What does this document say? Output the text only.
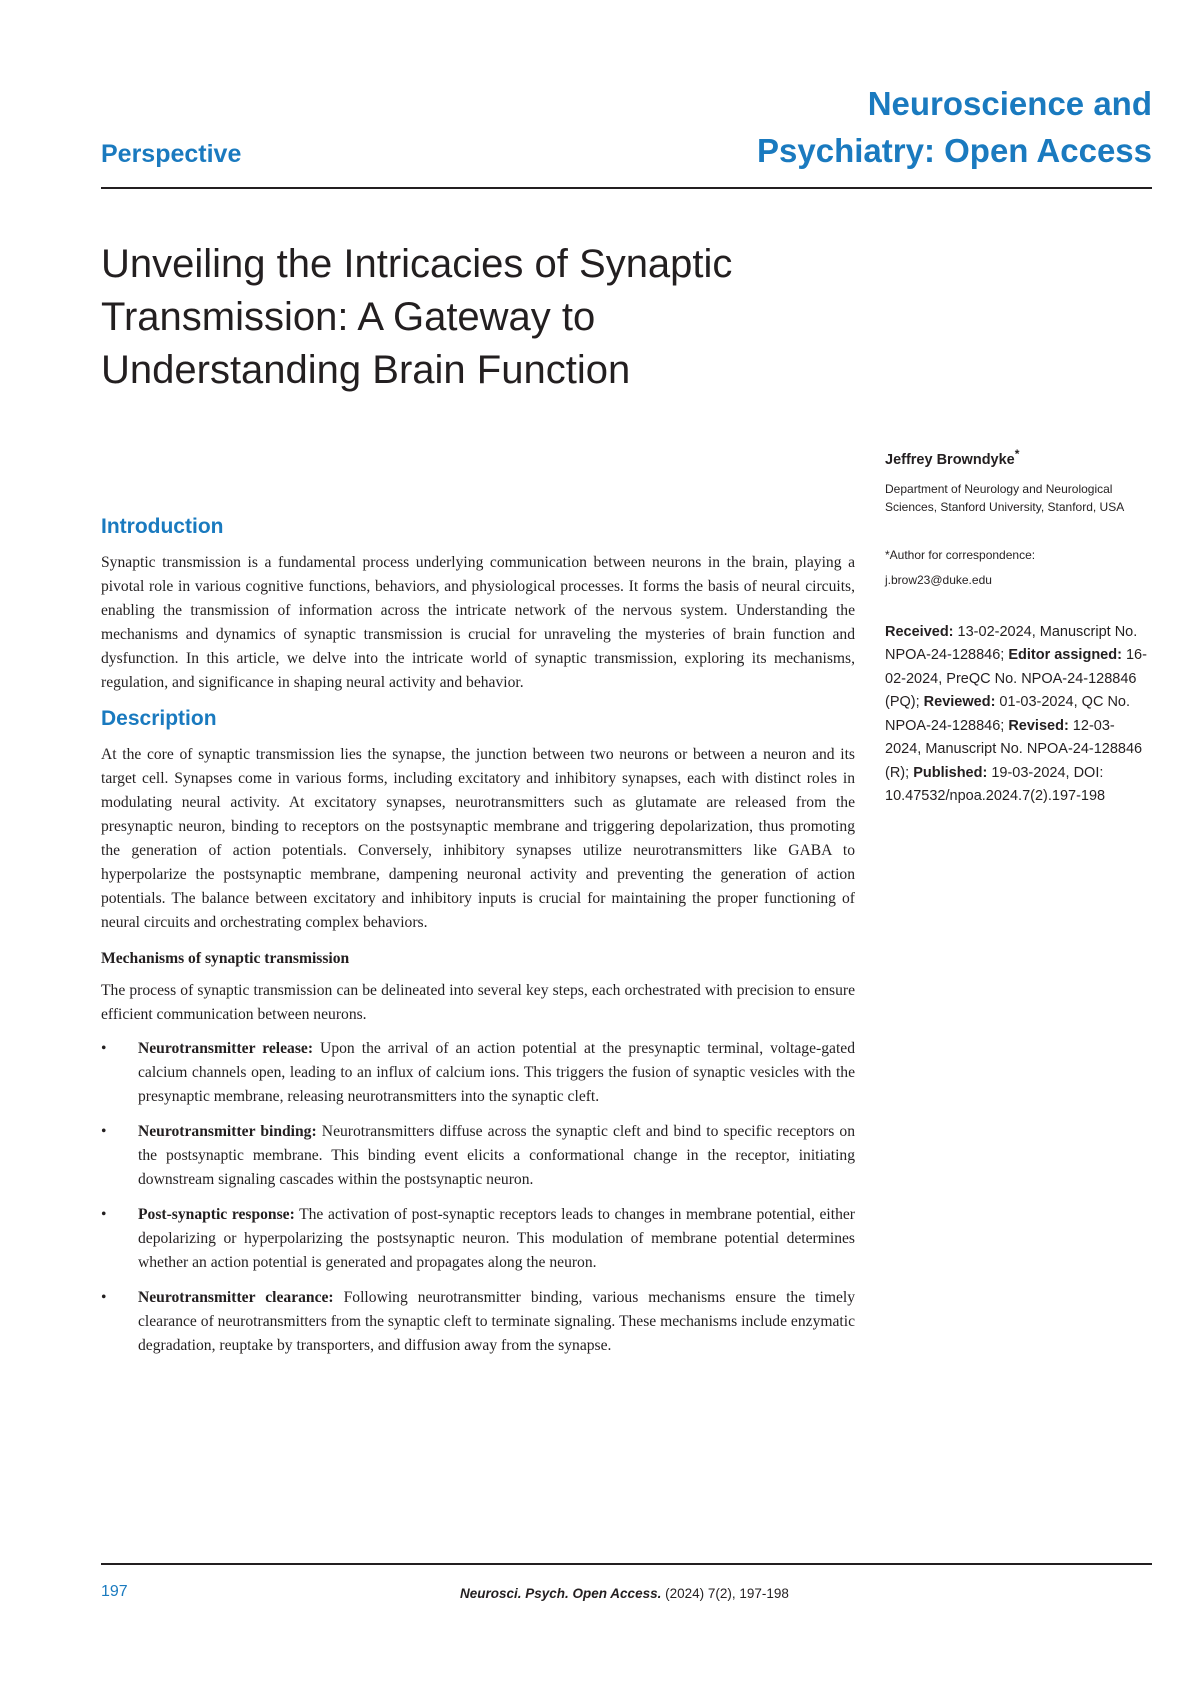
Perspective
Neuroscience and
Psychiatry: Open Access
Unveiling the Intricacies of Synaptic Transmission: A Gateway to Understanding Brain Function

Jeffrey Browndyke*

Department of Neurology and Neurological Sciences, Stanford University, Stanford, USA

*Author for correspondence:

j.brow23@duke.edu

Received: 13-02-2024, Manuscript No. NPOA-24-128846; Editor assigned: 16-02-2024, PreQC No. NPOA-24-128846 (PQ); Reviewed: 01-03-2024, QC No. NPOA-24-128846; Revised: 12-03-2024, Manuscript No. NPOA-24-128846 (R); Published: 19-03-2024, DOI: 10.47532/npoa.2024.7(2).197-198

Introduction

Synaptic transmission is a fundamental process underlying communication between neurons in the brain, playing a pivotal role in various cognitive functions, behaviors, and physiological processes. It forms the basis of neural circuits, enabling the transmission of information across the intricate network of the nervous system. Understanding the mechanisms and dynamics of synaptic transmission is crucial for unraveling the mysteries of brain function and dysfunction. In this article, we delve into the intricate world of synaptic transmission, exploring its mechanisms, regulation, and significance in shaping neural activity and behavior.

Description

At the core of synaptic transmission lies the synapse, the junction between two neurons or between a neuron and its target cell. Synapses come in various forms, including excitatory and inhibitory synapses, each with distinct roles in modulating neural activity. At excitatory synapses, neurotransmitters such as glutamate are released from the presynaptic neuron, binding to receptors on the postsynaptic membrane and triggering depolarization, thus promoting the generation of action potentials. Conversely, inhibitory synapses utilize neurotransmitters like GABA to hyperpolarize the postsynaptic membrane, dampening neuronal activity and preventing the generation of action potentials. The balance between excitatory and inhibitory inputs is crucial for maintaining the proper functioning of neural circuits and orchestrating complex behaviors.

Mechanisms of synaptic transmission

The process of synaptic transmission can be delineated into several key steps, each orchestrated with precision to ensure efficient communication between neurons.

• Neurotransmitter release: Upon the arrival of an action potential at the presynaptic terminal, voltage-gated calcium channels open, leading to an influx of calcium ions. This triggers the fusion of synaptic vesicles with the presynaptic membrane, releasing neurotransmitters into the synaptic cleft.
• Neurotransmitter binding: Neurotransmitters diffuse across the synaptic cleft and bind to specific receptors on the postsynaptic membrane. This binding event elicits a conformational change in the receptor, initiating downstream signaling cascades within the postsynaptic neuron.
• Post-synaptic response: The activation of post-synaptic receptors leads to changes in membrane potential, either depolarizing or hyperpolarizing the postsynaptic neuron. This modulation of membrane potential determines whether an action potential is generated and propagates along the neuron.
• Neurotransmitter clearance: Following neurotransmitter binding, various mechanisms ensure the timely clearance of neurotransmitters from the synaptic cleft to terminate signaling. These mechanisms include enzymatic degradation, reuptake by transporters, and diffusion away from the synapse.
197	Neurosci. Psych. Open Access. (2024) 7(2), 197-198
